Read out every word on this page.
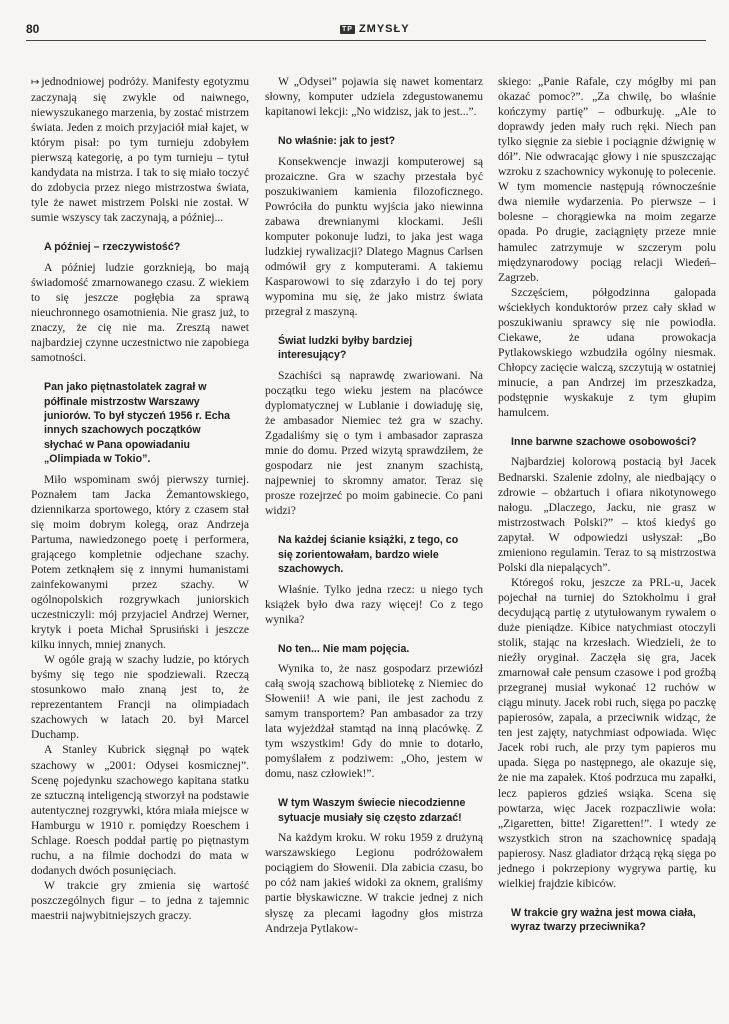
80	TP ZMYSŁY

↦ jednodniowej podróży. Manifesty egotyzmu zaczynają się zwykle od naiwnego, niewyszukanego marzenia, by zostać mistrzem świata. Jeden z moich przyjaciół miał kajet, w którym pisał: po tym turnieju zdobyłem pierwszą kategorię, a po tym turnieju – tytuł kandydata na mistrza. I tak to się miało toczyć do zdobycia przez niego mistrzostwa świata, tyle że nawet mistrzem Polski nie został. W sumie wszyscy tak zaczynają, a później...

A później – rzeczywistość?

A później ludzie gorzknieją, bo mają świadomość zmarnowanego czasu. Z wiekiem to się jeszcze pogłębia za sprawą nieuchronnego osamotnienia. Nie grasz już, to znaczy, że cię nie ma. Zresztą nawet najbardziej czynne uczestnictwo nie zapobiega samotności.

Pan jako piętnastolatek zagrał w półfinale mistrzostw Warszawy juniorów. To był styczeń 1956 r. Echa innych szachowych początków słychać w Pana opowiadaniu „Olimpiada w Tokio”.

Miło wspominam swój pierwszy turniej. Poznałem tam Jacka Żemantowskiego, dziennikarza sportowego, który z czasem stał się moim dobrym kolegą, oraz Andrzeja Partuma, nawiedzonego poetę i performera, grającego kompletnie odjechane szachy. Potem zetknąłem się z innymi humanistami zainfekowanymi przez szachy. W ogólnopolskich rozgrywkach juniorskich uczestniczyli: mój przyjaciel Andrzej Werner, krytyk i poeta Michał Sprusiński i jeszcze kilku innych, mniej znanych.

W ogóle grają w szachy ludzie, po których byśmy się tego nie spodziewali. Rzeczą stosunkowo mało znaną jest to, że reprezentantem Francji na olimpiadach szachowych w latach 20. był Marcel Duchamp.

A Stanley Kubrick sięgnął po wątek szachowy w „2001: Odysei kosmicznej”. Scenę pojedynku szachowego kapitana statku ze sztuczną inteligencją stworzył na podstawie autentycznej rozgrywki, która miała miejsce w Hamburgu w 1910 r. pomiędzy Roeschem i Schlage. Roesch poddał partię po piętnastym ruchu, a na filmie dochodzi do mata w dodanych dwóch posunięciach.

W trakcie gry zmienia się wartość poszczególnych figur – to jedna z tajemnic maestrii najwybitniejszych graczy.

W „Odysei” pojawia się nawet komentarz słowny, komputer udziela zdegustowanemu kapitanowi lekcji: „No widzisz, jak to jest...”.

No właśnie: jak to jest?

Konsekwencje inwazji komputerowej są prozaiczne. Gra w szachy przestała być poszukiwaniem kamienia filozoficznego. Powróciła do punktu wyjścia jako niewinna zabawa drewnianymi klockami. Jeśli komputer pokonuje ludzi, to jaka jest waga ludzkiej rywalizacji? Dlatego Magnus Carlsen odmówił gry z komputerami. A takiemu Kasparowowi to się zdarzyło i do tej pory wypomina mu się, że jako mistrz świata przegrał z maszyną.

Świat ludzki byłby bardziej interesujący?

Szachiści są naprawdę zwariowani. Na początku tego wieku jestem na placówce dyplomatycznej w Lublanie i dowiaduję się, że ambasador Niemiec też gra w szachy. Zgadaliśmy się o tym i ambasador zaprasza mnie do domu. Przed wizytą sprawdziłem, że gospodarz nie jest znanym szachistą, najpewniej to skromny amator. Teraz się prosze rozejrzeć po moim gabinecie. Co pani widzi?

Na każdej ścianie książki, z tego, co się zorientowałam, bardzo wiele szachowych.

Właśnie. Tylko jedna rzecz: u niego tych książek było dwa razy więcej! Co z tego wynika?

No ten... Nie mam pojęcia.

Wynika to, że nasz gospodarz przewiózł całą swoją szachową bibliotekę z Niemiec do Słowenii! A wie pani, ile jest zachodu z samym transportem? Pan ambasador za trzy lata wyjeżdżał stamtąd na inną placówkę. Z tym wszystkim! Gdy do mnie to dotarło, pomyślałem z podziwem: „Oho, jestem w domu, nasz człowiek!”.

W tym Waszym świecie niecodzienne sytuacje musiały się często zdarzać!

Na każdym kroku. W roku 1959 z drużyną warszawskiego Legionu podróżowałem pociągiem do Słowenii. Dla zabicia czasu, bo po cóż nam jakieś widoki za oknem, graliśmy partie błyskawiczne. W trakcie jednej z nich słyszę za plecami łagodny głos mistrza Andrzeja Pytlakow-

skiego: „Panie Rafale, czy mógłby mi pan okazać pomoc?”. „Za chwilę, bo właśnie kończymy partię” – odburkuję. „Ale to doprawdy jeden mały ruch ręki. Niech pan tylko sięgnie za siebie i pociągnie dźwignię w dół”. Nie odwracając głowy i nie spuszczając wzroku z szachownicy wykonuję to polecenie. W tym momencie następują równocześnie dwa niemiłe wydarzenia. Po pierwsze – i bolesne – chorągiewka na moim zegarze opada. Po drugie, zaciągnięty przeze mnie hamulec zatrzymuje w szczerym polu międzynarodowy pociąg relacji Wiedeń–Zagrzeb.

Szczęściem, półgodzinna galopada wściekłych konduktorów przez cały skład w poszukiwaniu sprawcy się nie powiodła. Ciekawe, że udana prowokacja Pytlakowskiego wzbudziła ogólny niesmak. Chłopcy zacięcie walczą, szczytują w ostatniej minucie, a pan Andrzej im przeszkadza, podstępnie wyskakuje z tym głupim hamulcem.

Inne barwne szachowe osobowości?

Najbardziej kolorową postacią był Jacek Bednarski. Szalenie zdolny, ale niedbający o zdrowie – obżartuch i ofiara nikotynowego nałogu. „Dlaczego, Jacku, nie grasz w mistrzostwach Polski?” – ktoś kiedyś go zapytał. W odpowiedzi usłyszał: „Bo zmieniono regulamin. Teraz to są mistrzostwa Polski dla niepalących”.

Któregoś roku, jeszcze za PRL-u, Jacek pojechał na turniej do Sztokholmu i grał decydującą partię z utytułowanym rywalem o duże pieniądze. Kibice natychmiast otoczyli stolik, stając na krzesłach. Wiedzieli, że to nieźły oryginał. Zaczęła się gra, Jacek zmarnował całe pensum czasowe i pod groźbą przegranej musiał wykonać 12 ruchów w ciągu minuty. Jacek robi ruch, sięga po paczkę papierosów, zapala, a przeciwnik widząc, że ten jest zajęty, natychmiast odpowiada. Więc Jacek robi ruch, ale przy tym papieros mu upada. Sięga po następnego, ale okazuje się, że nie ma zapałek. Ktoś podrzuca mu zapałki, lecz papieros gdzieś wsiąka. Scena się powtarza, więc Jacek rozpaczliwie woła: „Zigaretten, bitte! Zigaretten!”. I wtedy ze wszystkich stron na szachownicę spadają papierosy. Nasz gladiator drżącą ręką sięga po jednego i pokrzepiony wygrywa partię, ku wielkiej frajdzie kibiców.

W trakcie gry ważna jest mowa ciała, wyraz twarzy przeciwnika?
